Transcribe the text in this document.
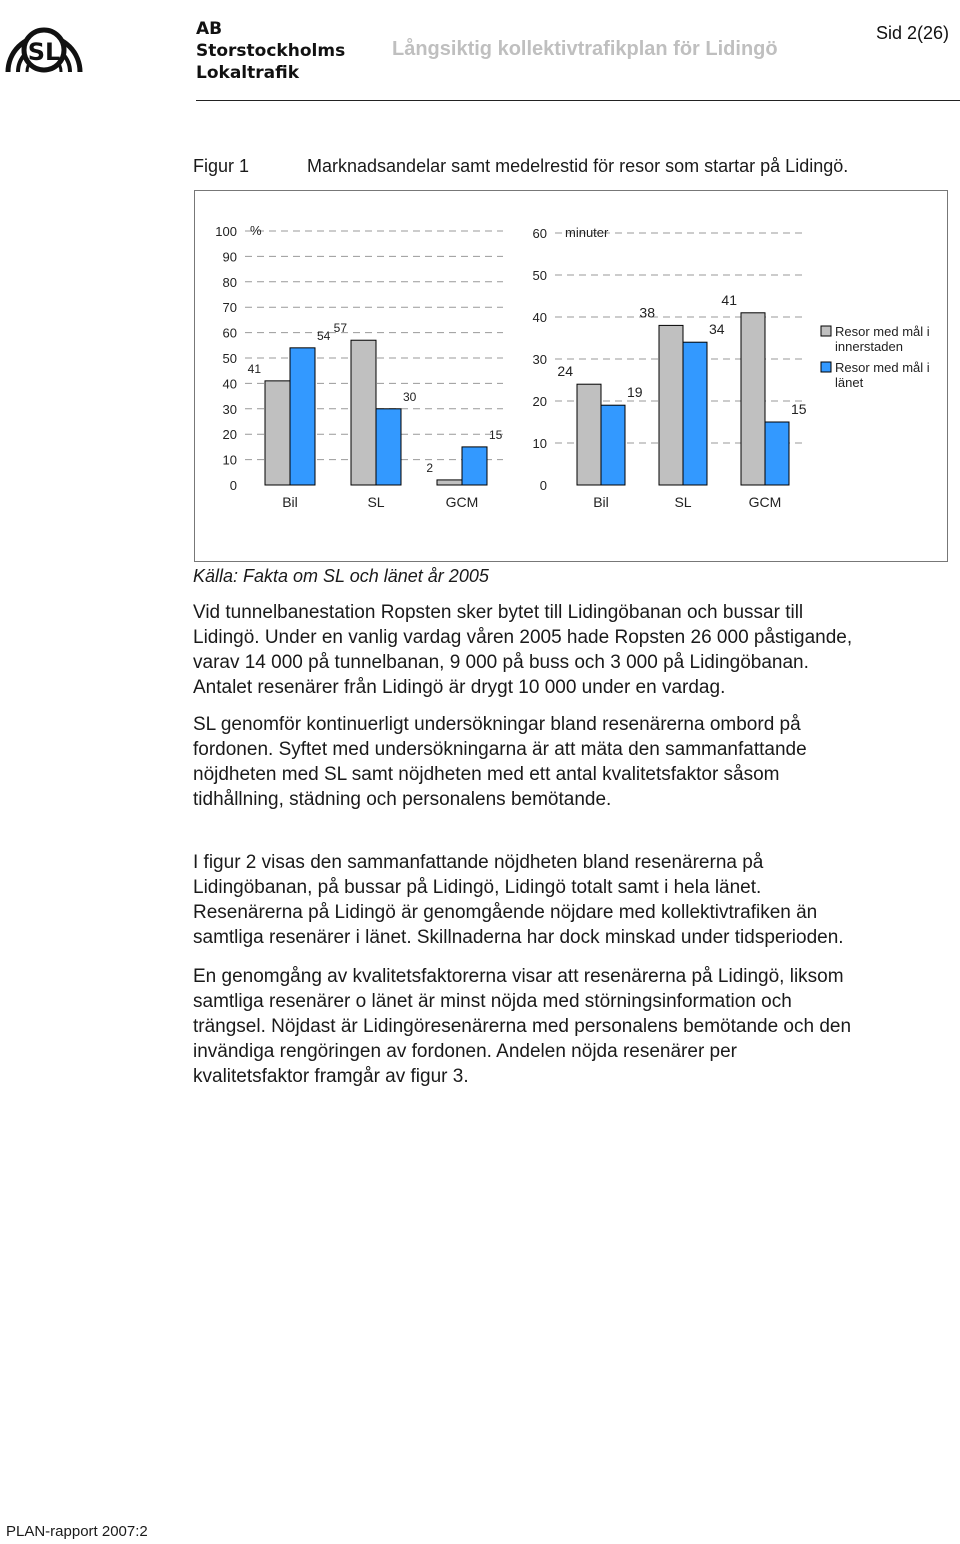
SL
AB
Storstockholms
Lokaltrafik
Långsiktig kollektivtrafikplan för Lidingö
Sid 2(26)
Figur 1	Marknadsandelar samt medelrestid för resor som startar på Lidingö.
0
10
20
30
40
50
60
70
80
90
100 %
41
54
Bil
57
30
SL
2
15
GCM
0
10
20
30
40
50
60 minuter
24
19
Bil
38
34
SL
41
15
GCM
Resor med mål i
innerstaden
Resor med mål i
länet
Källa: Fakta om SL och länet år 2005
Vid tunnelbanestation Ropsten sker bytet till Lidingöbanan och bussar till
Lidingö. Under en vanlig vardag våren 2005 hade Ropsten 26 000 påstigande,
varav 14 000 på tunnelbanan, 9 000 på buss och 3 000 på Lidingöbanan.
Antalet resenärer från Lidingö är drygt 10 000 under en vardag.
SL genomför kontinuerligt undersökningar bland resenärerna ombord på
fordonen. Syftet med undersökningarna är att mäta den sammanfattande
nöjdheten med SL samt nöjdheten med ett antal kvalitetsfaktor såsom
tidhållning, städning och personalens bemötande.
I figur 2 visas den sammanfattande nöjdheten bland resenärerna på
Lidingöbanan, på bussar på Lidingö, Lidingö totalt samt i hela länet.
Resenärerna på Lidingö är genomgående nöjdare med kollektivtrafiken än
samtliga resenärer i länet. Skillnaderna har dock minskad under tidsperioden.
En genomgång av kvalitetsfaktorerna visar att resenärerna på Lidingö, liksom
samtliga resenärer o länet är minst nöjda med störningsinformation och
trängsel. Nöjdast är Lidingöresenärerna med personalens bemötande och den
invändiga rengöringen av fordonen. Andelen nöjda resenärer per
kvalitetsfaktor framgår av figur 3.
PLAN-rapport 2007:2
